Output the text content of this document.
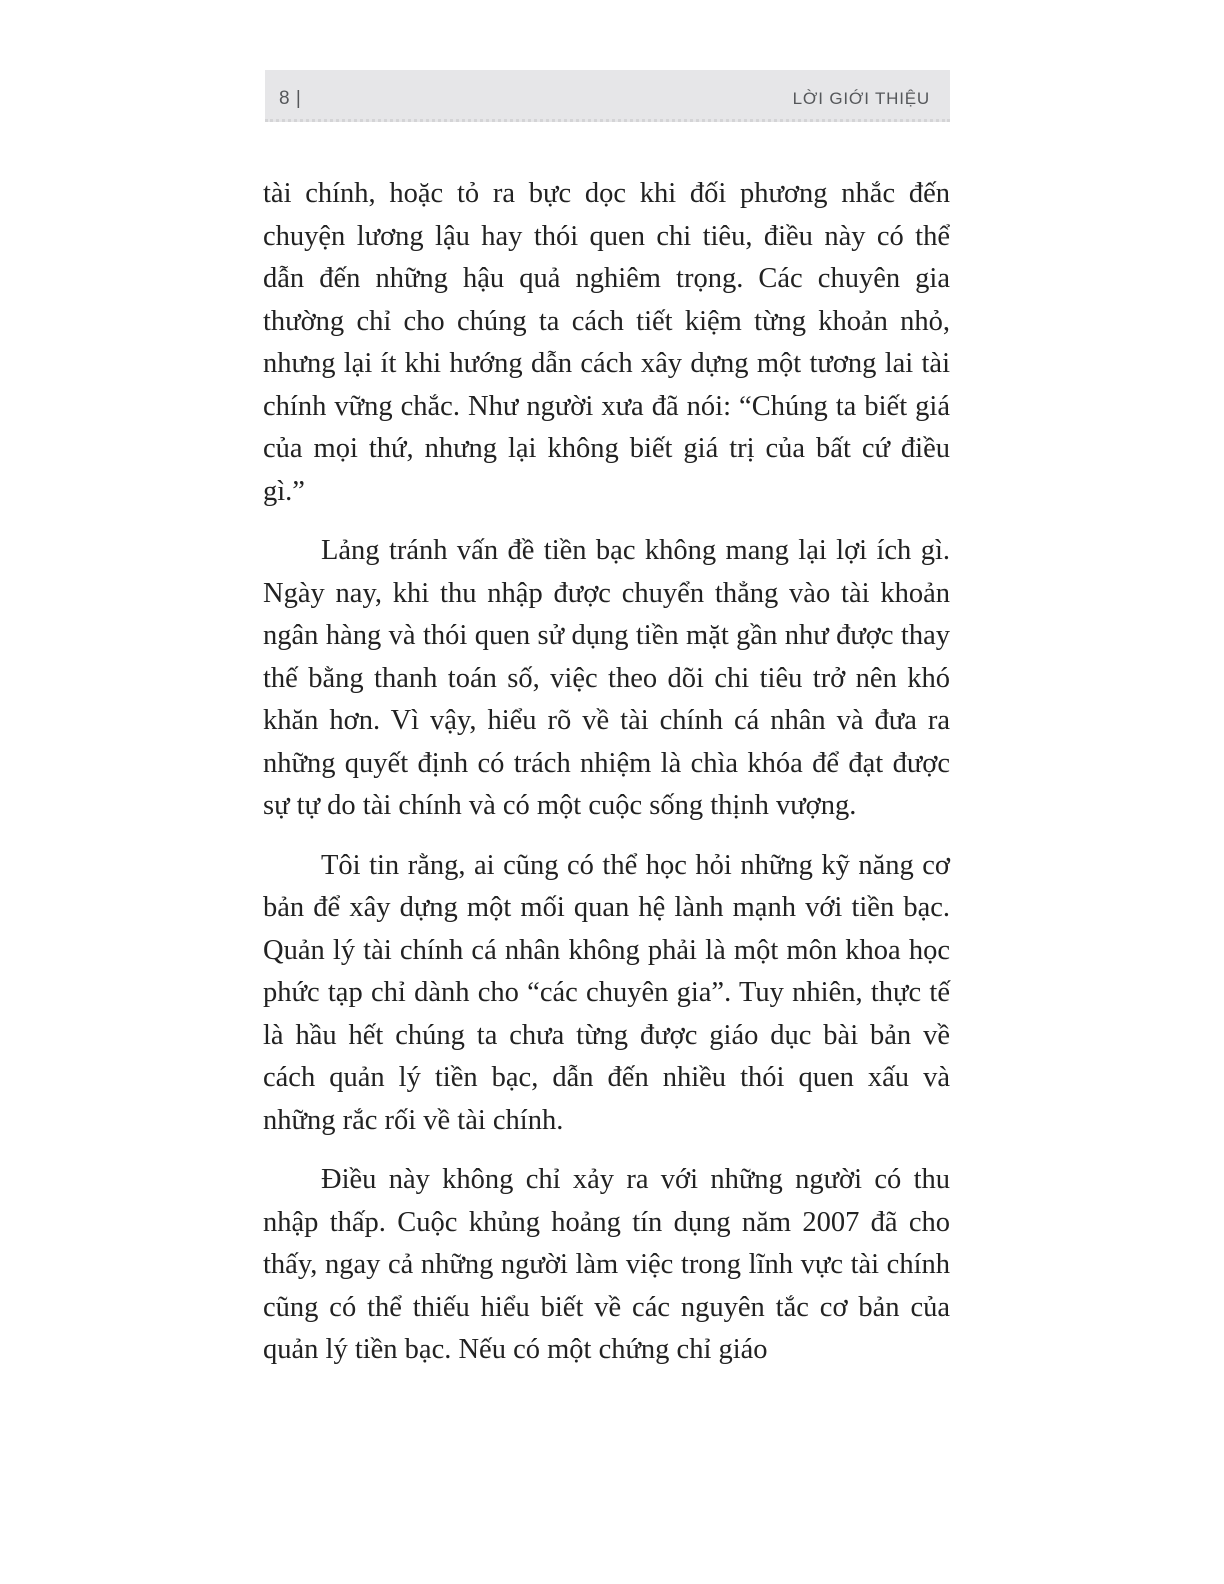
8 |	LỜI GIỚI THIỆU

tài chính, hoặc tỏ ra bực dọc khi đối phương nhắc đến chuyện lương lậu hay thói quen chi tiêu, điều này có thể dẫn đến những hậu quả nghiêm trọng. Các chuyên gia thường chỉ cho chúng ta cách tiết kiệm từng khoản nhỏ, nhưng lại ít khi hướng dẫn cách xây dựng một tương lai tài chính vững chắc. Như người xưa đã nói: “Chúng ta biết giá của mọi thứ, nhưng lại không biết giá trị của bất cứ điều gì.”

Lảng tránh vấn đề tiền bạc không mang lại lợi ích gì. Ngày nay, khi thu nhập được chuyển thẳng vào tài khoản ngân hàng và thói quen sử dụng tiền mặt gần như được thay thế bằng thanh toán số, việc theo dõi chi tiêu trở nên khó khăn hơn. Vì vậy, hiểu rõ về tài chính cá nhân và đưa ra những quyết định có trách nhiệm là chìa khóa để đạt được sự tự do tài chính và có một cuộc sống thịnh vượng.

Tôi tin rằng, ai cũng có thể học hỏi những kỹ năng cơ bản để xây dựng một mối quan hệ lành mạnh với tiền bạc. Quản lý tài chính cá nhân không phải là một môn khoa học phức tạp chỉ dành cho “các chuyên gia”. Tuy nhiên, thực tế là hầu hết chúng ta chưa từng được giáo dục bài bản về cách quản lý tiền bạc, dẫn đến nhiều thói quen xấu và những rắc rối về tài chính.

Điều này không chỉ xảy ra với những người có thu nhập thấp. Cuộc khủng hoảng tín dụng năm 2007 đã cho thấy, ngay cả những người làm việc trong lĩnh vực tài chính cũng có thể thiếu hiểu biết về các nguyên tắc cơ bản của quản lý tiền bạc. Nếu có một chứng chỉ giáo
